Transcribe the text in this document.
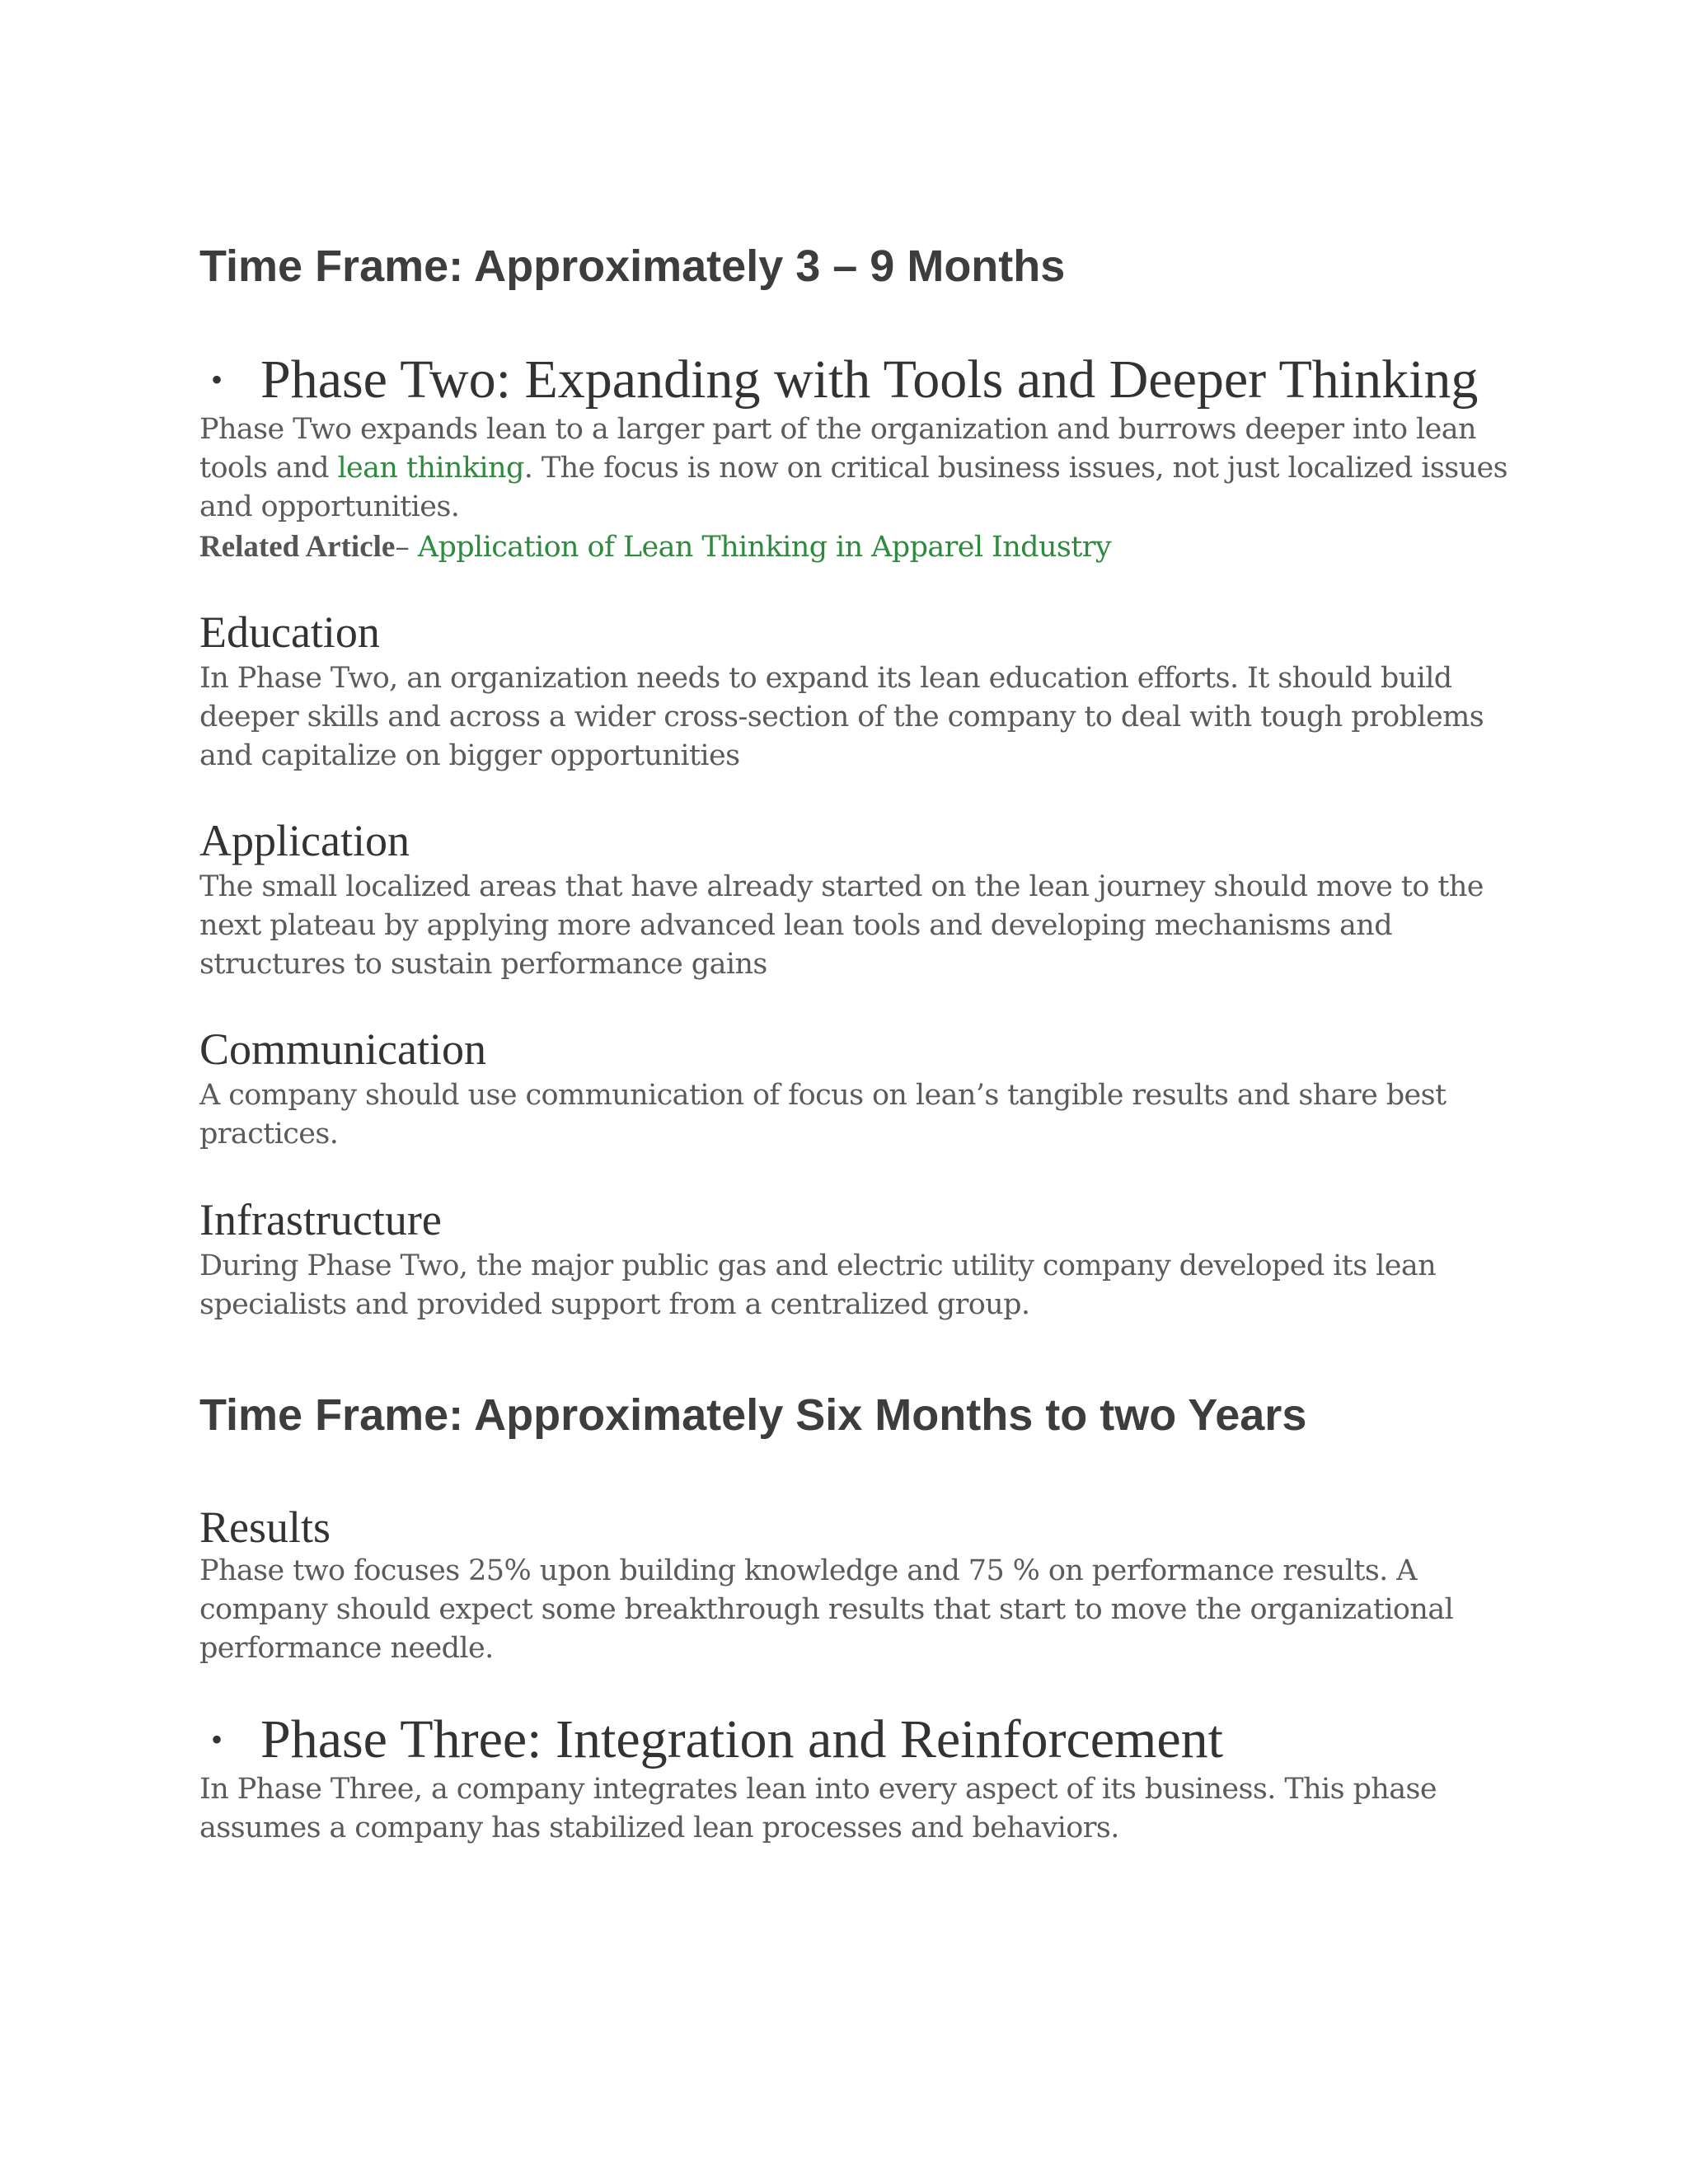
Time Frame: Approximately 3 – 9 Months
• Phase Two: Expanding with Tools and Deeper Thinking

Phase Two expands lean to a larger part of the organization and burrows deeper into lean tools and lean thinking. The focus is now on critical business issues, not just localized issues and opportunities.

Related Article– Application of Lean Thinking in Apparel Industry

Education

In Phase Two, an organization needs to expand its lean education efforts. It should build deeper skills and across a wider cross-section of the company to deal with tough problems and capitalize on bigger opportunities

Application

The small localized areas that have already started on the lean journey should move to the next plateau by applying more advanced lean tools and developing mechanisms and structures to sustain performance gains

Communication

A company should use communication of focus on lean’s tangible results and share best practices.

Infrastructure

During Phase Two, the major public gas and electric utility company developed its lean specialists and provided support from a centralized group.

Time Frame: Approximately Six Months to two Years
Results

Phase two focuses 25% upon building knowledge and 75 % on performance results. A company should expect some breakthrough results that start to move the organizational performance needle.

• Phase Three: Integration and Reinforcement

In Phase Three, a company integrates lean into every aspect of its business. This phase assumes a company has stabilized lean processes and behaviors.
